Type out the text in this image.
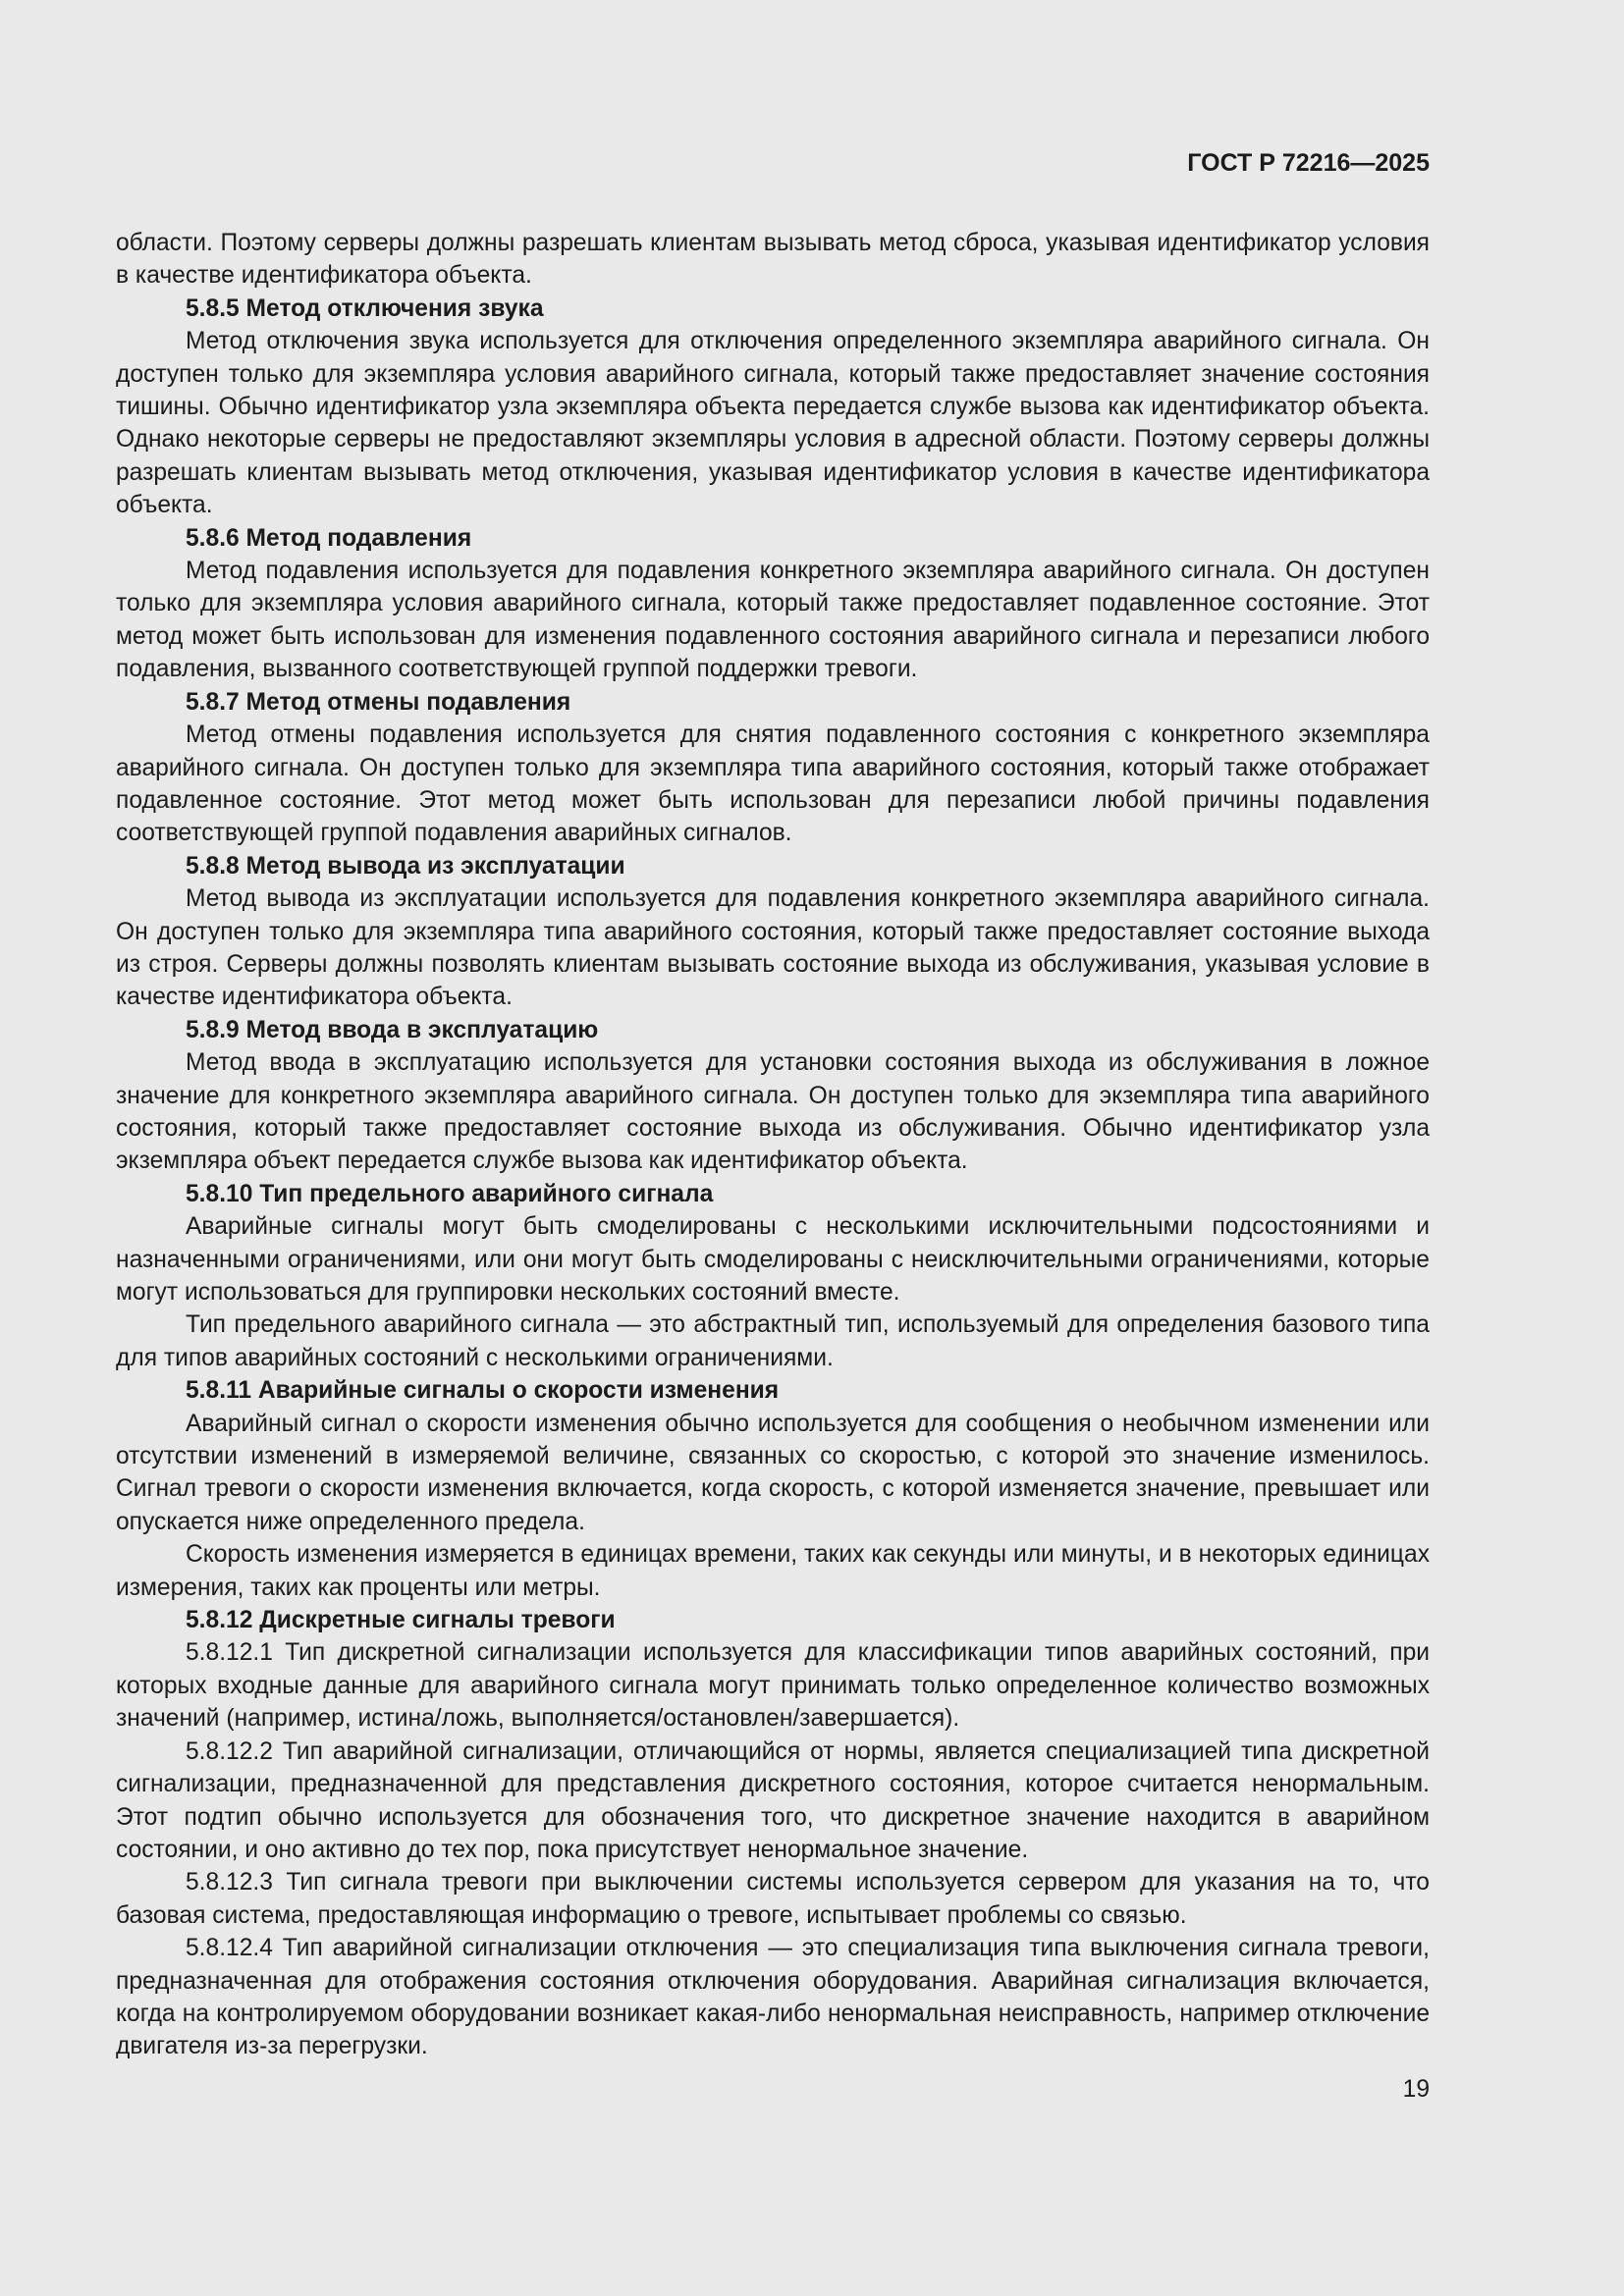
ГОСТ Р 72216—2025

области. Поэтому серверы должны разрешать клиентам вызывать метод сброса, указывая идентификатор условия в качестве идентификатора объекта.

5.8.5 Метод отключения звука

Метод отключения звука используется для отключения определенного экземпляра аварийного сигнала. Он доступен только для экземпляра условия аварийного сигнала, который также предоставляет значение состояния тишины. Обычно идентификатор узла экземпляра объекта передается службе вызова как идентификатор объекта. Однако некоторые серверы не предоставляют экземпляры условия в адресной области. Поэтому серверы должны разрешать клиентам вызывать метод отключения, указывая идентификатор условия в качестве идентификатора объекта.

5.8.6 Метод подавления

Метод подавления используется для подавления конкретного экземпляра аварийного сигнала. Он доступен только для экземпляра условия аварийного сигнала, который также предоставляет подавленное состояние. Этот метод может быть использован для изменения подавленного состояния аварийного сигнала и перезаписи любого подавления, вызванного соответствующей группой поддержки тревоги.

5.8.7 Метод отмены подавления

Метод отмены подавления используется для снятия подавленного состояния с конкретного экземпляра аварийного сигнала. Он доступен только для экземпляра типа аварийного состояния, который также отображает подавленное состояние. Этот метод может быть использован для перезаписи любой причины подавления соответствующей группой подавления аварийных сигналов.

5.8.8 Метод вывода из эксплуатации

Метод вывода из эксплуатации используется для подавления конкретного экземпляра аварийного сигнала. Он доступен только для экземпляра типа аварийного состояния, который также предоставляет состояние выхода из строя. Серверы должны позволять клиентам вызывать состояние выхода из обслуживания, указывая условие в качестве идентификатора объекта.

5.8.9 Метод ввода в эксплуатацию

Метод ввода в эксплуатацию используется для установки состояния выхода из обслуживания в ложное значение для конкретного экземпляра аварийного сигнала. Он доступен только для экземпляра типа аварийного состояния, который также предоставляет состояние выхода из обслуживания. Обычно идентификатор узла экземпляра объект передается службе вызова как идентификатор объекта.

5.8.10 Тип предельного аварийного сигнала

Аварийные сигналы могут быть смоделированы с несколькими исключительными подсостояниями и назначенными ограничениями, или они могут быть смоделированы с неисключительными ограничениями, которые могут использоваться для группировки нескольких состояний вместе.

Тип предельного аварийного сигнала — это абстрактный тип, используемый для определения базового типа для типов аварийных состояний с несколькими ограничениями.

5.8.11 Аварийные сигналы о скорости изменения

Аварийный сигнал о скорости изменения обычно используется для сообщения о необычном изменении или отсутствии изменений в измеряемой величине, связанных со скоростью, с которой это значение изменилось. Сигнал тревоги о скорости изменения включается, когда скорость, с которой изменяется значение, превышает или опускается ниже определенного предела.

Скорость изменения измеряется в единицах времени, таких как секунды или минуты, и в некоторых единицах измерения, таких как проценты или метры.

5.8.12 Дискретные сигналы тревоги

5.8.12.1 Тип дискретной сигнализации используется для классификации типов аварийных состояний, при которых входные данные для аварийного сигнала могут принимать только определенное количество возможных значений (например, истина/ложь, выполняется/остановлен/завершается).

5.8.12.2 Тип аварийной сигнализации, отличающийся от нормы, является специализацией типа дискретной сигнализации, предназначенной для представления дискретного состояния, которое считается ненормальным. Этот подтип обычно используется для обозначения того, что дискретное значение находится в аварийном состоянии, и оно активно до тех пор, пока присутствует ненормальное значение.

5.8.12.3 Тип сигнала тревоги при выключении системы используется сервером для указания на то, что базовая система, предоставляющая информацию о тревоге, испытывает проблемы со связью.

5.8.12.4 Тип аварийной сигнализации отключения — это специализация типа выключения сигнала тревоги, предназначенная для отображения состояния отключения оборудования. Аварийная сигнализация включается, когда на контролируемом оборудовании возникает какая-либо ненормальная неисправность, например отключение двигателя из-за перегрузки.

19
